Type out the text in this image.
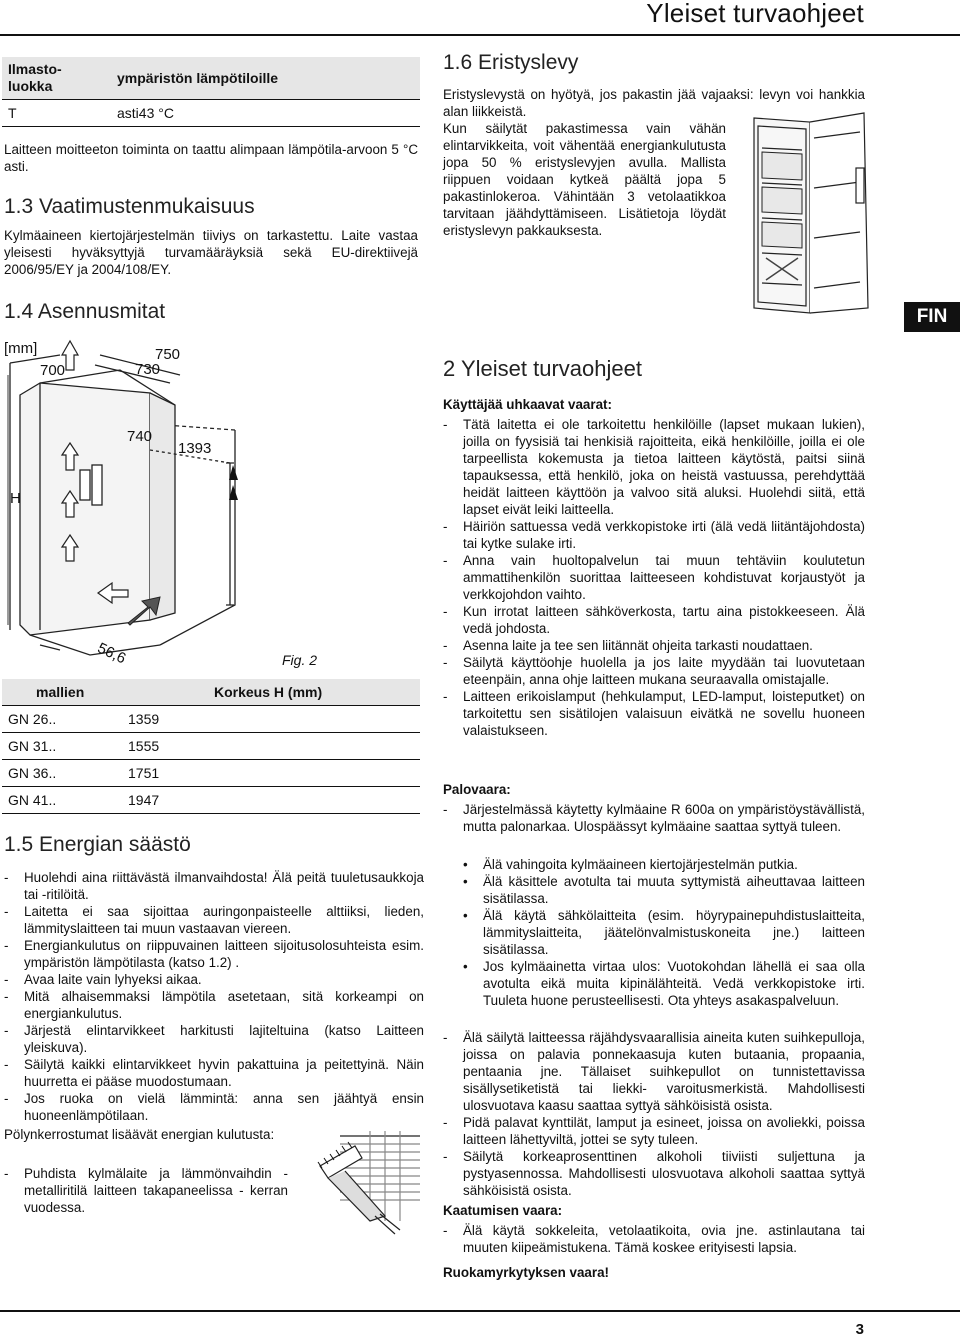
Yleiset turvaohjeet
Ilmasto-luokka	ympäristön lämpötiloille
T	asti43 °C
Laitteen moitteeton toiminta on taattu alimpaan lämpötila-arvoon 5 °C asti.
1.3 Vaatimustenmukaisuus
Kylmäaineen kiertojärjestelmän tiiviys on tarkastettu. Laite vastaa yleisesti hyväksyttyjä turvamääräyksiä sekä EU-direktiivejä 2006/95/EY ja 2004/108/EY.
1.4 Asennusmitat
[mm]
700
750
730
740
1393
H
56,6	Fig. 2
mallien		Korkeus H (mm)
GN 26..	1359	
GN 31..	1555	
GN 36..	1751	
GN 41..	1947	
1.5 Energian säästö
- Huolehdi aina riittävästä ilmanvaihdosta! Älä peitä tuuletusaukkoja tai -ritilöitä.
- Laitetta ei saa sijoittaa auringonpaisteelle alttiiksi, lieden, lämmityslaitteen tai muun vastaavan viereen.
- Energiankulutus on riippuvainen laitteen sijoitusolosuhteista esim. ympäristön lämpötilasta (katso 1.2) .
- Avaa laite vain lyhyeksi aikaa.
- Mitä alhaisemmaksi lämpötila asetetaan, sitä korkeampi on energiankulutus.
- Järjestä elintarvikkeet harkitusti lajiteltuina (katso Laitteen yleiskuva).
- Säilytä kaikki elintarvikkeet hyvin pakattuina ja peitettyinä. Näin huurretta ei pääse muodostumaan.
- Jos ruoka on vielä lämmintä: anna sen jäähtyä ensin huoneenlämpötilaan.
Pölynkerrostumat lisäävät energian kulutusta:
- Puhdista kylmälaite ja lämmönvaihdin - metalliritilä laitteen takapaneelissa - kerran vuodessa.
1.6 Eristyslevy
Eristyslevystä on hyötyä, jos pakastin jää vajaaksi: levyn voi hankkia alan liikkeistä.
Kun säilytät pakastimessa vain vähän elintarvikkeita, voit vähentää energiankulutusta jopa 50 % eristyslevyjen avulla. Mallista riippuen voidaan kytkeä päältä jopa 5 pakastinlokeroa. Vähintään 3 vetolaatikkoa tarvitaan jäähdyttämiseen. Lisätietoja löydät eristyslevyn pakkauksesta.
FIN
2 Yleiset turvaohjeet
Käyttäjää uhkaavat vaarat:
- Tätä laitetta ei ole tarkoitettu henkilöille (lapset mukaan lukien), joilla on fyysisiä tai henkisiä rajoitteita, eikä henkilöille, joilla ei ole tarpeellista kokemusta ja tietoa laitteen käytöstä, paitsi siinä tapauksessa, että henkilö, joka on heistä vastuussa, perehdyttää heidät laitteen käyttöön ja valvoo sitä aluksi. Huolehdi siitä, että lapset eivät leiki laitteella.
- Häiriön sattuessa vedä verkkopistoke irti (älä vedä liitäntäjohdosta) tai kytke sulake irti.
- Anna vain huoltopalvelun tai muun tehtäviin koulutetun ammattihenkilön suorittaa laitteeseen kohdistuvat korjaustyöt ja verkkojohdon vaihto.
- Kun irrotat laitteen sähköverkosta, tartu aina pistokkeeseen. Älä vedä johdosta.
- Asenna laite ja tee sen liitännät ohjeita tarkasti noudattaen.
- Säilytä käyttöohje huolella ja jos laite myydään tai luovutetaan eteenpäin, anna ohje laitteen mukana seuraavalla omistajalle.
- Laitteen erikoislamput (hehkulamput, LED-lamput, loisteputket) on tarkoitettu sen sisätilojen valaisuun eivätkä ne sovellu huoneen valaistukseen.
Palovaara:
- Järjestelmässä käytetty kylmäaine R 600a on ympäristöystävällistä, mutta palonarkaa. Ulospäässyt kylmäaine saattaa syttyä tuleen.
• Älä vahingoita kylmäaineen kiertojärjestelmän putkia.
• Älä käsittele avotulta tai muuta syttymistä aiheuttavaa laitteen sisätilassa.
• Älä käytä sähkölaitteita (esim. höyrypainepuhdistuslaitteita, lämmityslaitteita, jäätelönvalmistuskoneita jne.) laitteen sisätilassa.
• Jos kylmäainetta virtaa ulos: Vuotokohdan lähellä ei saa olla avotulta eikä muita kipinälähteitä. Vedä verkkopistoke irti. Tuuleta huone perusteellisesti. Ota yhteys asakaspalveluun.
- Älä säilytä laitteessa räjähdysvaarallisia aineita kuten suihkepulloja, joissa on palavia ponnekaasuja kuten butaania, propaania, pentaania jne. Tällaiset suihkepullot on tunnistettavissa sisällysetiketistä tai liekki- varoitusmerkistä. Mahdollisesti ulosvuotava kaasu saattaa syttyä sähköisistä osista.
- Pidä palavat kynttilät, lamput ja esineet, joissa on avoliekki, poissa laitteen lähettyviltä, jottei se syty tuleen.
- Säilytä korkeaprosenttinen alkoholi tiiviisti suljettuna ja pystyasennossa. Mahdollisesti ulosvuotava alkoholi saattaa syttyä sähköisistä osista.
Kaatumisen vaara:
- Älä käytä sokkeleita, vetolaatikoita, ovia jne. astinlautana tai muuten kiipeämistukena. Tämä koskee erityisesti lapsia.
Ruokamyrkytyksen vaara!
3
